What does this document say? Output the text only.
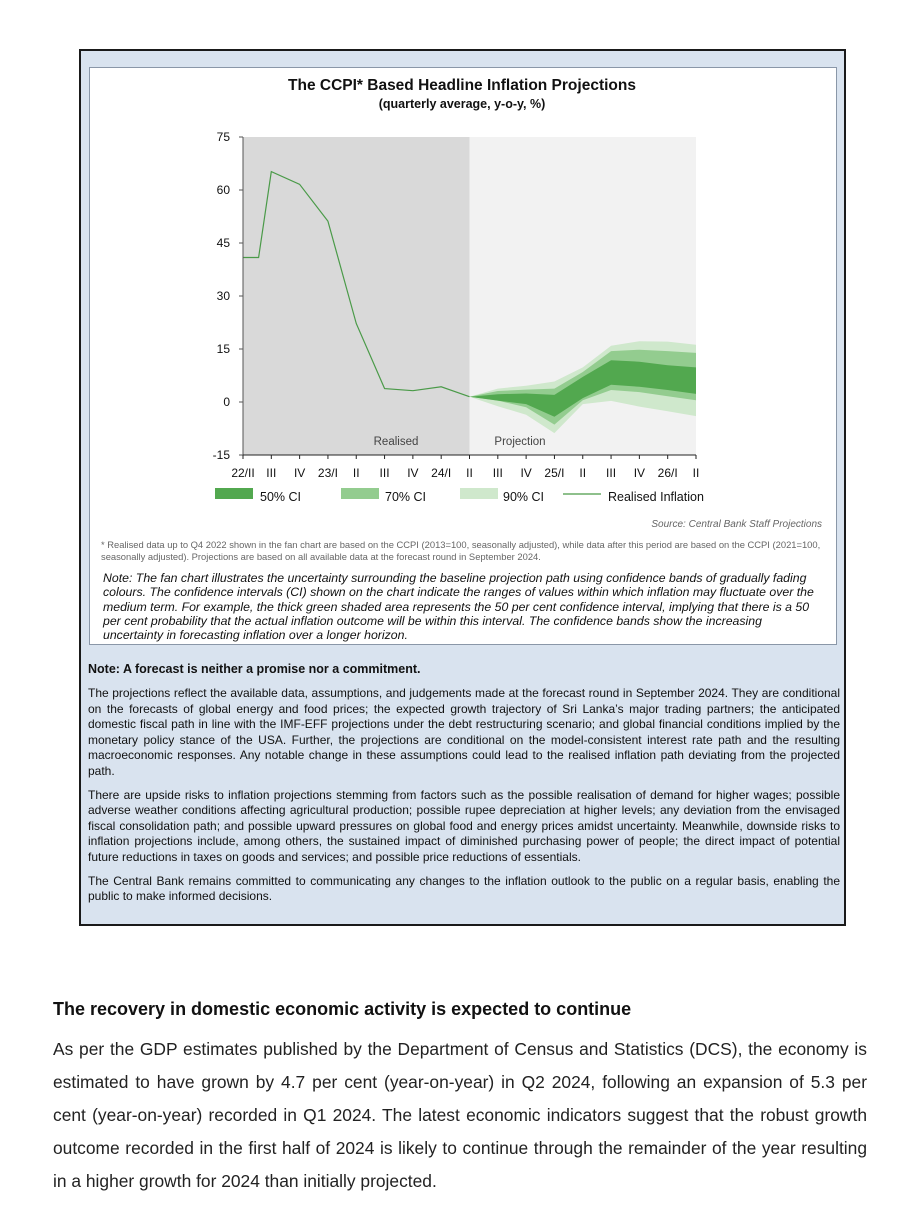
The CCPI* Based Headline Inflation Projections
(quarterly average, y-o-y, %)
Realised	Projection
75
60
45
30
15
0
-15
22/II III IV 23/I II III IV 24/I II III IV 25/I II III IV 26/I II
50% CI	70% CI	90% CI	Realised Inflation
Source: Central Bank Staff Projections
* Realised data up to Q4 2022 shown in the fan chart are based on the CCPI (2013=100, seasonally adjusted), while data after this period are based on the CCPI (2021=100, seasonally adjusted). Projections are based on all available data at the forecast round in September 2024.
Note: The fan chart illustrates the uncertainty surrounding the baseline projection path using confidence bands of gradually fading colours. The confidence intervals (CI) shown on the chart indicate the ranges of values within which inflation may fluctuate over the medium term. For example, the thick green shaded area represents the 50 per cent confidence interval, implying that there is a 50 per cent probability that the actual inflation outcome will be within this interval. The confidence bands show the increasing uncertainty in forecasting inflation over a longer horizon.
Note: A forecast is neither a promise nor a commitment.

The projections reflect the available data, assumptions, and judgements made at the forecast round in September 2024. They are conditional on the forecasts of global energy and food prices; the expected growth trajectory of Sri Lanka’s major trading partners; the anticipated domestic fiscal path in line with the IMF-EFF projections under the debt restructuring scenario; and global financial conditions implied by the monetary policy stance of the USA. Further, the projections are conditional on the model-consistent interest rate path and the resulting macroeconomic responses. Any notable change in these assumptions could lead to the realised inflation path deviating from the projected path.

There are upside risks to inflation projections stemming from factors such as the possible realisation of demand for higher wages; possible adverse weather conditions affecting agricultural production; possible rupee depreciation at higher levels; any deviation from the envisaged fiscal consolidation path; and possible upward pressures on global food and energy prices amidst uncertainty. Meanwhile, downside risks to inflation projections include, among others, the sustained impact of diminished purchasing power of people; the direct impact of potential future reductions in taxes on goods and services; and possible price reductions of essentials.

The Central Bank remains committed to communicating any changes to the inflation outlook to the public on a regular basis, enabling the public to make informed decisions.

The recovery in domestic economic activity is expected to continue

As per the GDP estimates published by the Department of Census and Statistics (DCS), the economy is estimated to have grown by 4.7 per cent (year-on-year) in Q2 2024, following an expansion of 5.3 per cent (year-on-year) recorded in Q1 2024. The latest economic indicators suggest that the robust growth outcome recorded in the first half of 2024 is likely to continue through the remainder of the year resulting in a higher growth for 2024 than initially projected.
